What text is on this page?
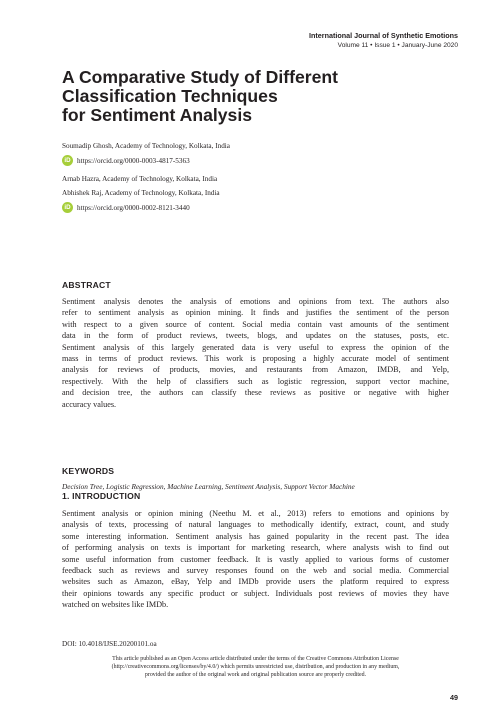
International Journal of Synthetic Emotions
Volume 11 • Issue 1 • January-June 2020
A Comparative Study of Different
Classification Techniques
for Sentiment Analysis
Soumadip Ghosh, Academy of Technology, Kolkata, India
iD https://orcid.org/0000-0003-4817-5363
Arnab Hazra, Academy of Technology, Kolkata, India
Abhishek Raj, Academy of Technology, Kolkata, India
iD https://orcid.org/0000-0002-8121-3440
ABSTRACT
Sentiment analysis denotes the analysis of emotions and opinions from text. The authors also
refer to sentiment analysis as opinion mining. It finds and justifies the sentiment of the person
with respect to a given source of content. Social media contain vast amounts of the sentiment
data in the form of product reviews, tweets, blogs, and updates on the statuses, posts, etc.
Sentiment analysis of this largely generated data is very useful to express the opinion of the
mass in terms of product reviews. This work is proposing a highly accurate model of sentiment
analysis for reviews of products, movies, and restaurants from Amazon, IMDB, and Yelp,
respectively. With the help of classifiers such as logistic regression, support vector machine,
and decision tree, the authors can classify these reviews as positive or negative with higher
accuracy values.
KEYWORDS
Decision Tree, Logistic Regression, Machine Learning, Sentiment Analysis, Support Vector Machine
1. INTRODUCTION
Sentiment analysis or opinion mining (Neethu M. et al., 2013) refers to emotions and opinions by
analysis of texts, processing of natural languages to methodically identify, extract, count, and study
some interesting information. Sentiment analysis has gained popularity in the recent past. The idea
of performing analysis on texts is important for marketing research, where analysts wish to find out
some useful information from customer feedback. It is vastly applied to various forms of customer
feedback such as reviews and survey responses found on the web and social media. Commercial
websites such as Amazon, eBay, Yelp and IMDb provide users the platform required to express
their opinions towards any specific product or subject. Individuals post reviews of movies they have
watched on websites like IMDb.
DOI: 10.4018/IJSE.20200101.oa
This article published as an Open Access article distributed under the terms of the Creative Commons Attribution License
(http://creativecommons.org/licenses/by/4.0/) which permits unrestricted use, distribution, and production in any medium,
provided the author of the original work and original publication source are properly credited.
49
